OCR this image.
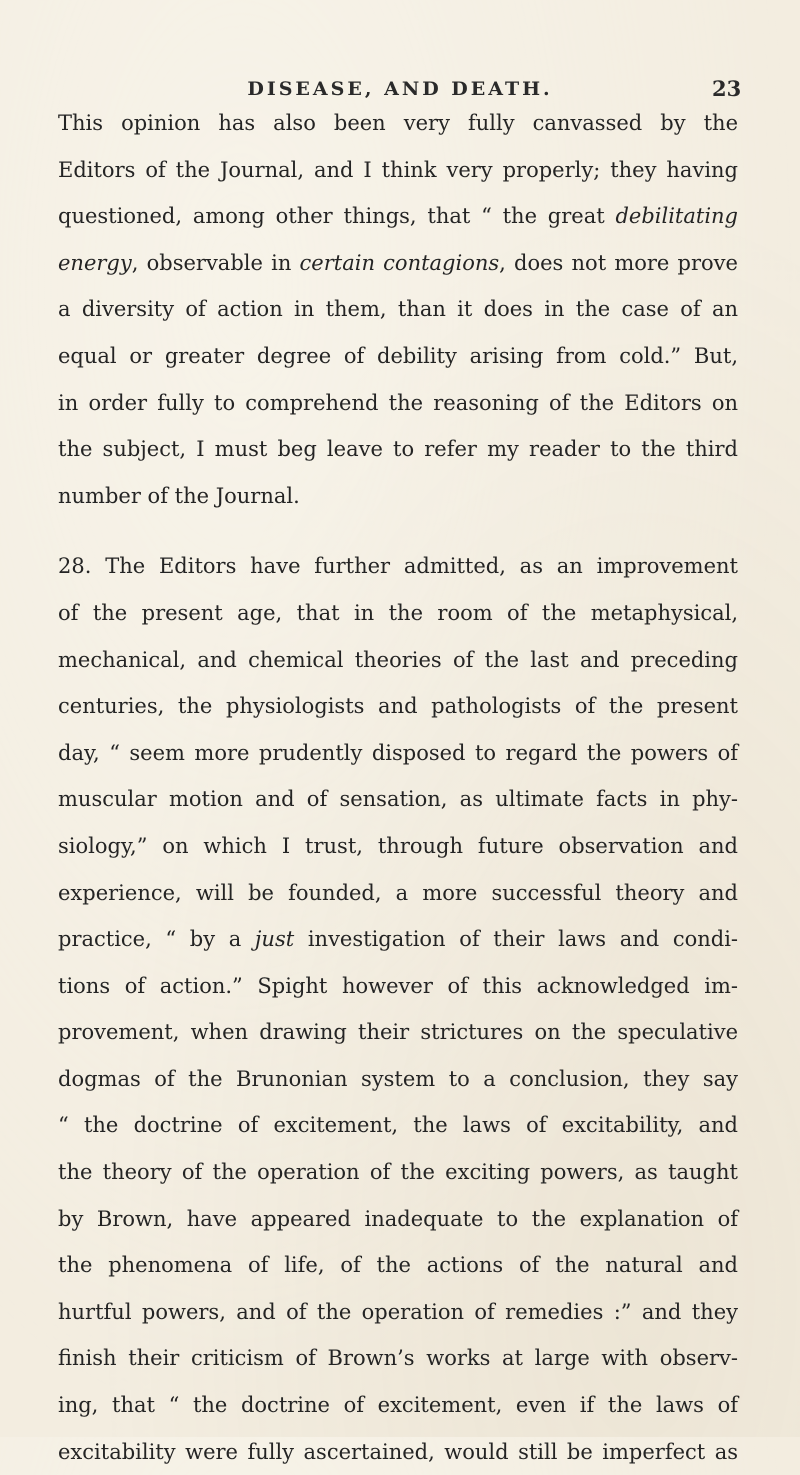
DISEASE, AND DEATH.	23
This opinion has also been very fully canvassed by the
Editors of the Journal, and I think very properly; they having
questioned, among other things, that “ the great debilitating
energy, observable in certain contagions, does not more prove
a diversity of action in them, than it does in the case of an
equal or greater degree of debility arising from cold.” But,
in order fully to comprehend the reasoning of the Editors on
the subject, I must beg leave to refer my reader to the third
number of the Journal.
28. The Editors have further admitted, as an improvement
of the present age, that in the room of the metaphysical,
mechanical, and chemical theories of the last and preceding
centuries, the physiologists and pathologists of the present
day, “ seem more prudently disposed to regard the powers of
muscular motion and of sensation, as ultimate facts in phy-
siology,” on which I trust, through future observation and
experience, will be founded, a more successful theory and
practice, “ by a just investigation of their laws and condi-
tions of action.” Spight however of this acknowledged im-
provement, when drawing their strictures on the speculative
dogmas of the Brunonian system to a conclusion, they say
“ the doctrine of excitement, the laws of excitability, and
the theory of the operation of the exciting powers, as taught
by Brown, have appeared inadequate to the explanation of
the phenomena of life, of the actions of the natural and
hurtful powers, and of the operation of remedies :” and they
finish their criticism of Brown’s works at large with observ-
ing, that “ the doctrine of excitement, even if the laws of
excitability were fully ascertained, would still be imperfect as
